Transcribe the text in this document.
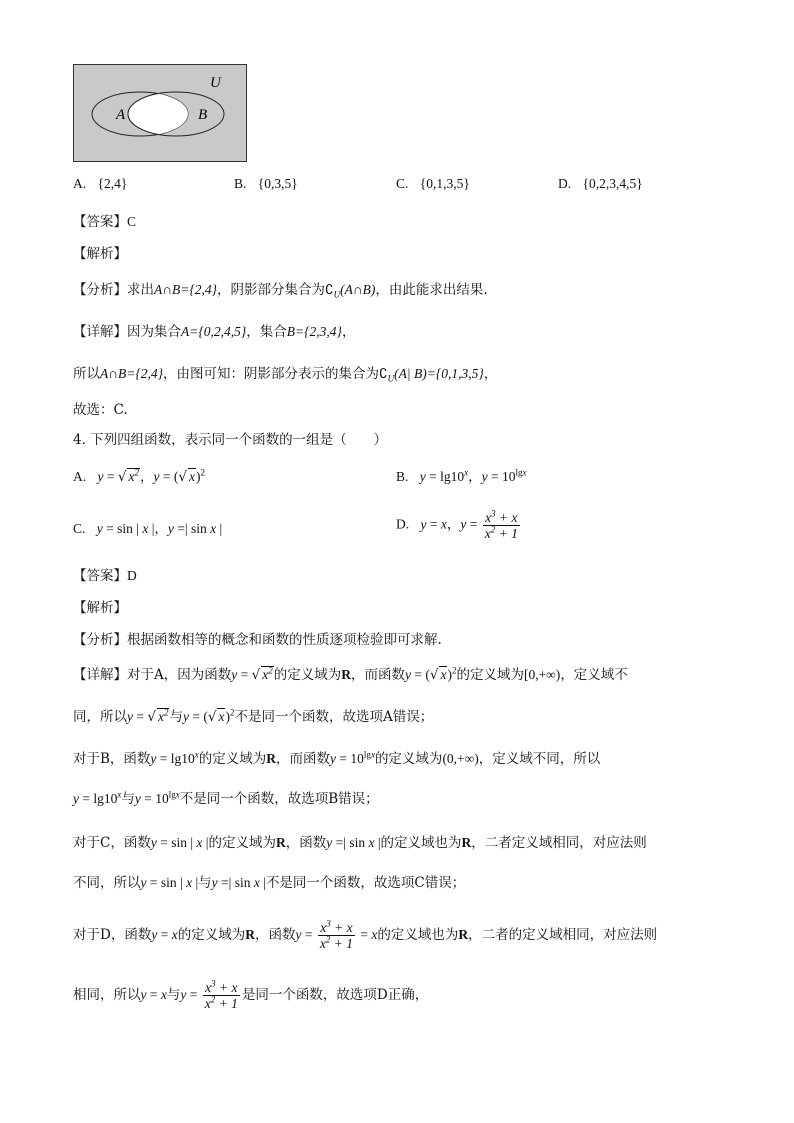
U
A	B
A. {2,4}	B. {0,3,5}	C. {0,1,3,5}	D. {0,2,3,4,5}
【答案】C
【解析】
【分析】求出A∩B={2,4}，阴影部分集合为$∁_U(A\cap B)$，由此能求出结果.
【详解】因为集合A={0,2,4,5}，集合B={2,3,4}，
所以A∩B={2,4}，由图可知：阴影部分表示的集合为$∁_U(A|$ B)={0,1,3,5}，
故选：C.
4. 下列四组函数，表示同一个函数的一组是（　　）
A. y = √ $x^2$，y = (√ x)$^2$	B. $y = \lg 10^x$，$y = 10^{lgx}$
C. y = sin | x |，y =| sin x |	D. y = x，$y = \frac{x^3 + x}{x^2 + 1}$
【答案】D
【解析】
【分析】根据函数相等的概念和函数的性质逐项检验即可求解.
【详解】对于A，因为函数y = √ $x^2$的定义域为R，而函数y = (√ x)$^2$的定义域为[0,+∞)，定义域不
同，所以y = √ $x^2$与y = (√ x)$^2$不是同一个函数，故选项A错误；
对于B，函数$y = \lg 10^x$的定义域为R，而函数$y = 10^{lgx}$的定义域为(0,+∞)，定义域不同，所以
$y = \lg 10^x$与$y = 10^{lgx}$不是同一个函数，故选项B错误；
对于C，函数y = sin | x |的定义域为R，函数y =| sin x |的定义域也为R，二者定义域相同，对应法则
不同，所以y = sin | x |与y =| sin x |不是同一个函数，故选项C错误；
对于D，函数y = x的定义域为R，函数$y = \frac{x^3 + x}{x^2 + 1} = x$的定义域也为R，二者的定义域相同，对应法则
相同，所以y = x与$y = \frac{x^3 + x}{x^2 + 1}$ 是同一个函数，故选项D正确，
